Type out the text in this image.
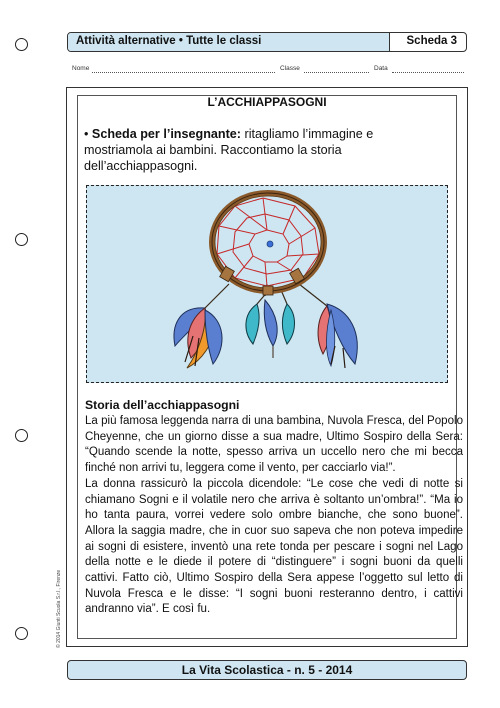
Attività alternative • Tutte le classi	Scheda 3
Nome	Classe	Data
L’ACCHIAPPASOGNI
• Scheda per l’insegnante: ritagliamo l’immagine e mostriamola ai bambini. Raccontiamo la storia dell’acchiappasogni.
Storia dell’acchiappasogni

La più famosa leggenda narra di una bambina, Nuvola Fresca, del Popolo Cheyenne, che un giorno disse a sua madre, Ultimo Sospiro della Sera: “Quando scende la notte, spesso arriva un uccello nero che mi becca finché non arrivi tu, leggera come il vento, per cacciarlo via!”.

La donna rassicurò la piccola dicendole: “Le cose che vedi di notte si chiamano Sogni e il volatile nero che arriva è soltanto un’ombra!”. “Ma io ho tanta paura, vorrei vedere solo ombre bianche, che sono buone”. Allora la saggia madre, che in cuor suo sapeva che non poteva impedire ai sogni di esistere, inventò una rete tonda per pescare i sogni nel Lago della notte e le diede il potere di “distinguere” i sogni buoni da quelli cattivi. Fatto ciò, Ultimo Sospiro della Sera appese l’oggetto sul letto di Nuvola Fresca e le disse: “I sogni buoni resteranno dentro, i cattivi andranno via”. E così fu.

© 2014 Giunti Scuola S.r.l., Firenze
La Vita Scolastica - n. 5 - 2014
